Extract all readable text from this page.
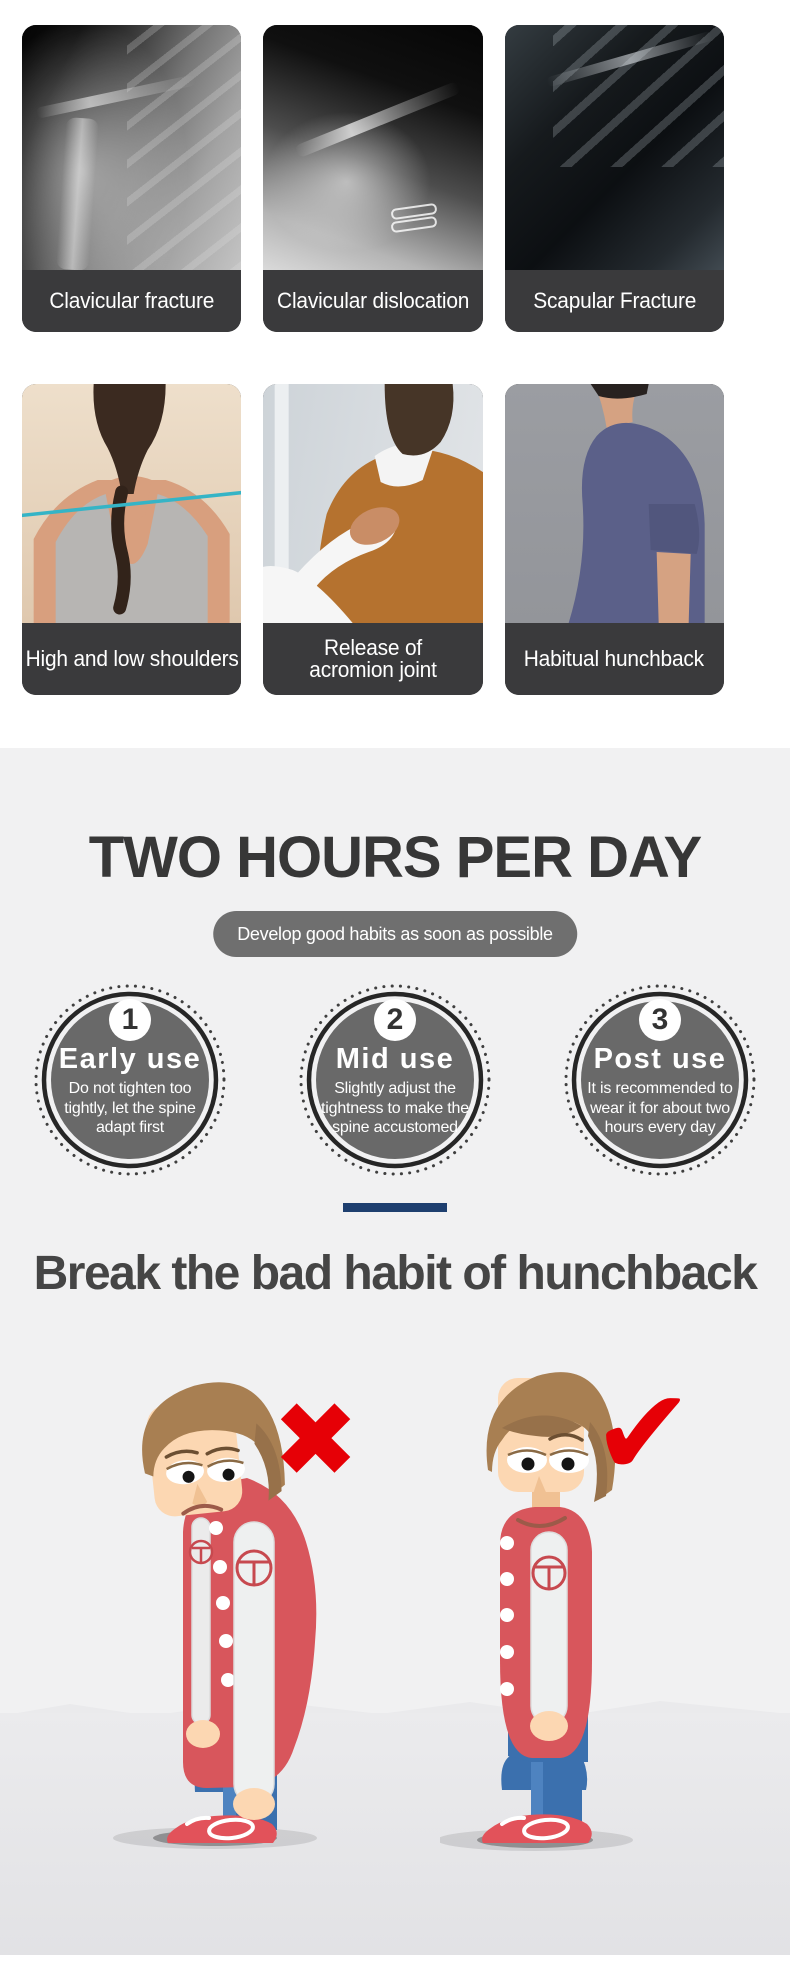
Clavicular fracture	Clavicular dislocation	Scapular Fracture
High and low shoulders	Release of acromion joint	Habitual hunchback
TWO HOURS PER DAY
Develop good habits as soon as possible
1
Early use
Do not tighten too tightly, let the spine adapt first
2
Mid use
Slightly adjust the tightness to make the spine accustomed
3
Post use
It is recommended to wear it for about two hours every day
Break the bad habit of hunchback
✖ ✔
